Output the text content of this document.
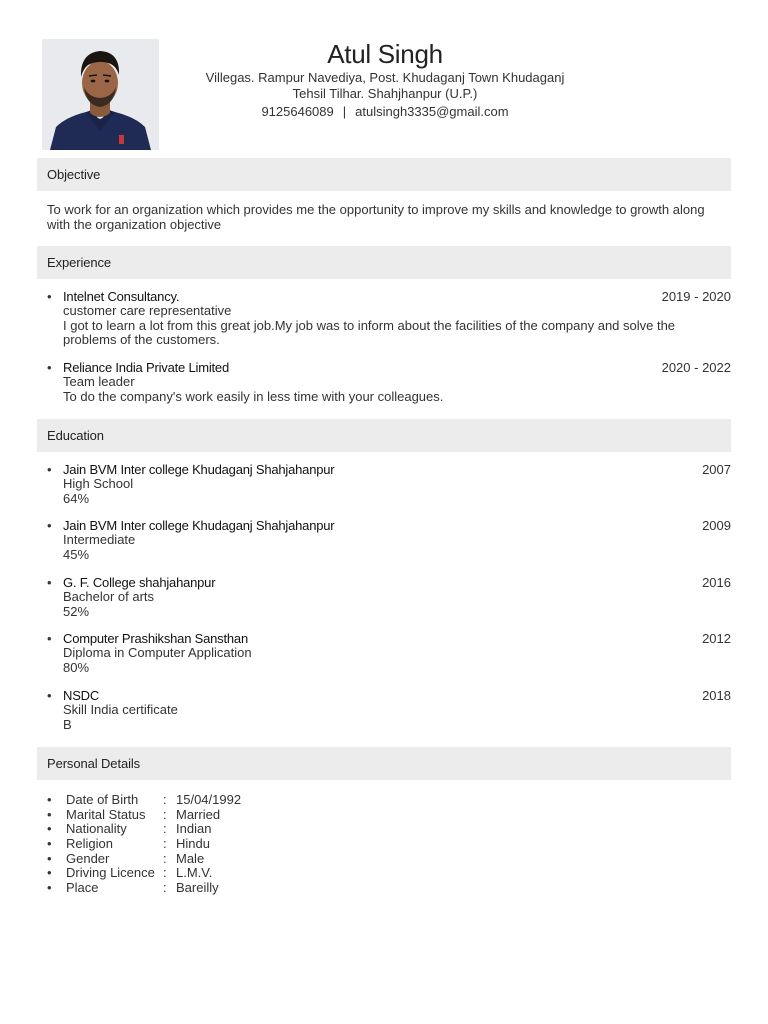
Atul Singh
Villegas. Rampur Navediya, Post. Khudaganj Town Khudaganj
Tehsil Tilhar. Shahjhanpur (U.P.)
9125646089 | atulsingh3335@gmail.com
Objective
To work for an organization which provides me the opportunity to improve my skills and knowledge to growth along with the organization objective
Experience
• Intelnet Consultancy.
customer care representative
I got to learn a lot from this great job.My job was to inform about the facilities of the company and solve the problems of the customers.
2019 - 2020
• Reliance India Private Limited
Team leader
To do the company's work easily in less time with your colleagues.
2020 - 2022
Education
• Jain BVM Inter college Khudaganj Shahjahanpur
High School
64%
2007
• Jain BVM Inter college Khudaganj Shahjahanpur
Intermediate
45%
2009
• G. F. College shahjahanpur
Bachelor of arts
52%
2016
• Computer Prashikshan Sansthan
Diploma in Computer Application
80%
2012
• NSDC
Skill India certificate
B
2018
Personal Details
•	Date of Birth	: 15/04/1992
•	Marital Status	: Married
•	Nationality	: Indian
•	Religion	: Hindu
•	Gender	: Male
•	Driving Licence : L.M.V.
•	Place	: Bareilly
